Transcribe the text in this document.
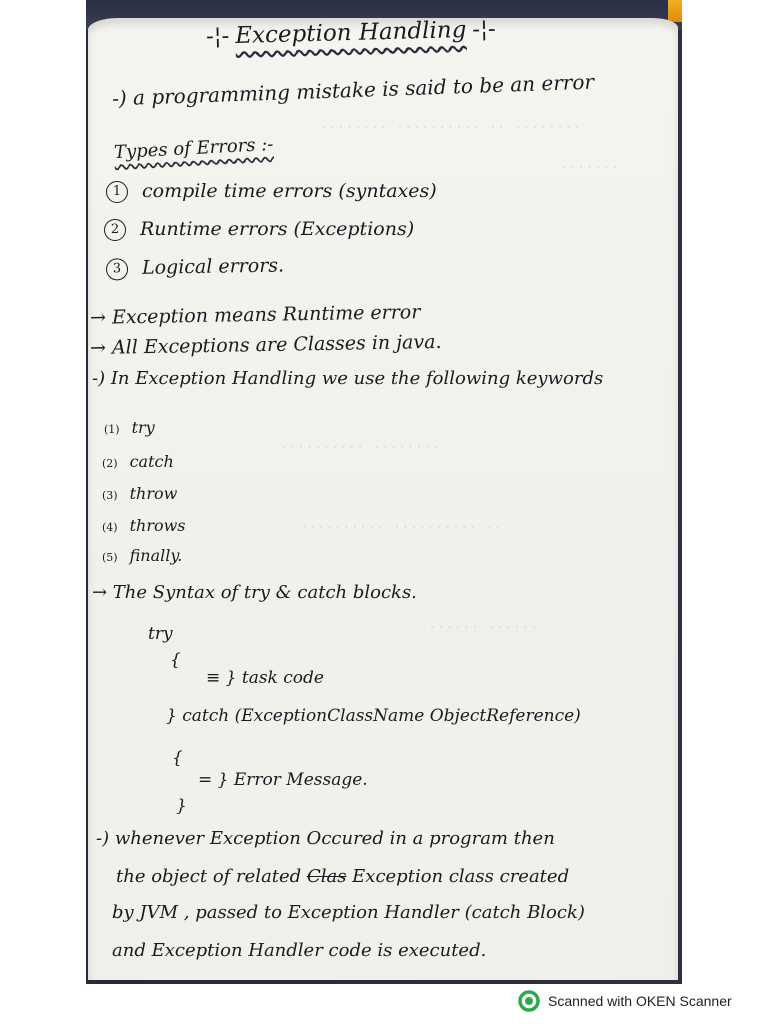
········ ·········· ·· ········
·······
·········· ········
·········· ·········· ··
······· ······
-¦- Exception Handling -¦-
-) a programming mistake is said to be an error
Types of Errors :-
1 compile time errors (syntaxes)
2 Runtime errors (Exceptions)
3 Logical errors.
→ Exception means Runtime error
→ All Exceptions are Classes in java.
-) In Exception Handling we use the following keywords
(1) try
(2) catch
(3) throw
(4) throws
(5) finally.
→ The Syntax of try & catch blocks.
try
{
≡ } task code
} catch (ExceptionClassName ObjectReference)
{
= } Error Message.
}
-) whenever Exception Occured in a program then
the object of related Clas Exception class created
by JVM , passed to Exception Handler (catch Block)
and Exception Handler code is executed.
Scanned with OKEN Scanner
